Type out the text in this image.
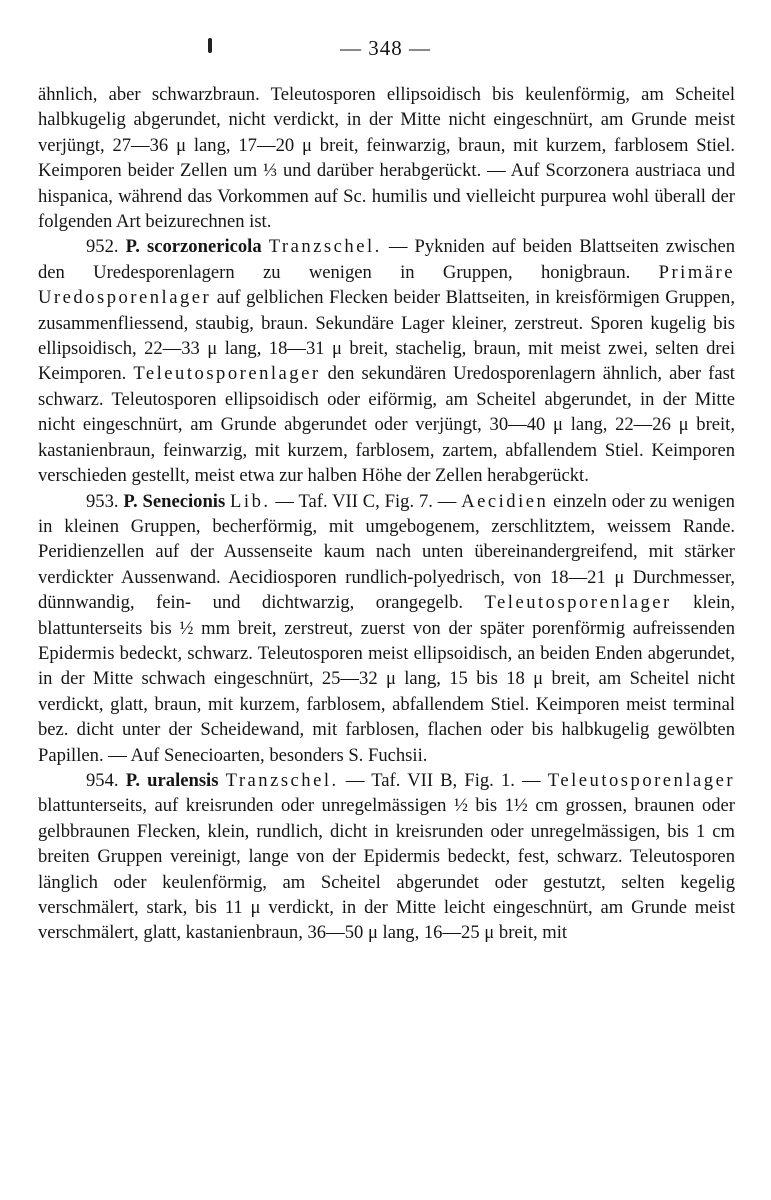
— 348 —

ähnlich, aber schwarzbraun. Teleutosporen ellipsoidisch bis keulenförmig, am Scheitel halbkugelig abgerundet, nicht verdickt, in der Mitte nicht eingeschnürt, am Grunde meist verjüngt, 27—36 μ lang, 17—20 μ breit, feinwarzig, braun, mit kurzem, farblosem Stiel. Keimporen beider Zellen um ⅓ und darüber herabgerückt. — Auf Scorzonera austriaca und hispanica, während das Vorkommen auf Sc. humilis und vielleicht purpurea wohl überall der folgenden Art beizurechnen ist.

952. P. scorzonericola Tranzschel. — Pykniden auf beiden Blattseiten zwischen den Uredesporenlagern zu wenigen in Gruppen, honigbraun. Primäre Uredosporenlager auf gelblichen Flecken beider Blattseiten, in kreisförmigen Gruppen, zusammenfliessend, staubig, braun. Sekundäre Lager kleiner, zerstreut. Sporen kugelig bis ellipsoidisch, 22—33 μ lang, 18—31 μ breit, stachelig, braun, mit meist zwei, selten drei Keimporen. Teleutosporenlager den sekundären Uredosporenlagern ähnlich, aber fast schwarz. Teleutosporen ellipsoidisch oder eiförmig, am Scheitel abgerundet, in der Mitte nicht eingeschnürt, am Grunde abgerundet oder verjüngt, 30—40 μ lang, 22—26 μ breit, kastanienbraun, feinwarzig, mit kurzem, farblosem, zartem, abfallendem Stiel. Keimporen verschieden gestellt, meist etwa zur halben Höhe der Zellen herabgerückt.

953. P. Senecionis Lib. — Taf. VII C, Fig. 7. — Aecidien einzeln oder zu wenigen in kleinen Gruppen, becherförmig, mit umgebogenem, zerschlitztem, weissem Rande. Peridienzellen auf der Aussenseite kaum nach unten übereinandergreifend, mit stärker verdickter Aussenwand. Aecidiosporen rundlich-polyedrisch, von 18—21 μ Durchmesser, dünnwandig, fein- und dichtwarzig, orangegelb. Teleutosporenlager klein, blattunterseits bis ½ mm breit, zerstreut, zuerst von der später porenförmig aufreissenden Epidermis bedeckt, schwarz. Teleutosporen meist ellipsoidisch, an beiden Enden abgerundet, in der Mitte schwach eingeschnürt, 25—32 μ lang, 15 bis 18 μ breit, am Scheitel nicht verdickt, glatt, braun, mit kurzem, farblosem, abfallendem Stiel. Keimporen meist terminal bez. dicht unter der Scheidewand, mit farblosen, flachen oder bis halbkugelig gewölbten Papillen. — Auf Senecioarten, besonders S. Fuchsii.

954. P. uralensis Tranzschel. — Taf. VII B, Fig. 1. — Teleutosporenlager blattunterseits, auf kreisrunden oder unregelmässigen ½ bis 1½ cm grossen, braunen oder gelbbraunen Flecken, klein, rundlich, dicht in kreisrunden oder unregelmässigen, bis 1 cm breiten Gruppen vereinigt, lange von der Epidermis bedeckt, fest, schwarz. Teleutosporen länglich oder keulenförmig, am Scheitel abgerundet oder gestutzt, selten kegelig verschmälert, stark, bis 11 μ verdickt, in der Mitte leicht eingeschnürt, am Grunde meist verschmälert, glatt, kastanienbraun, 36—50 μ lang, 16—25 μ breit, mit
